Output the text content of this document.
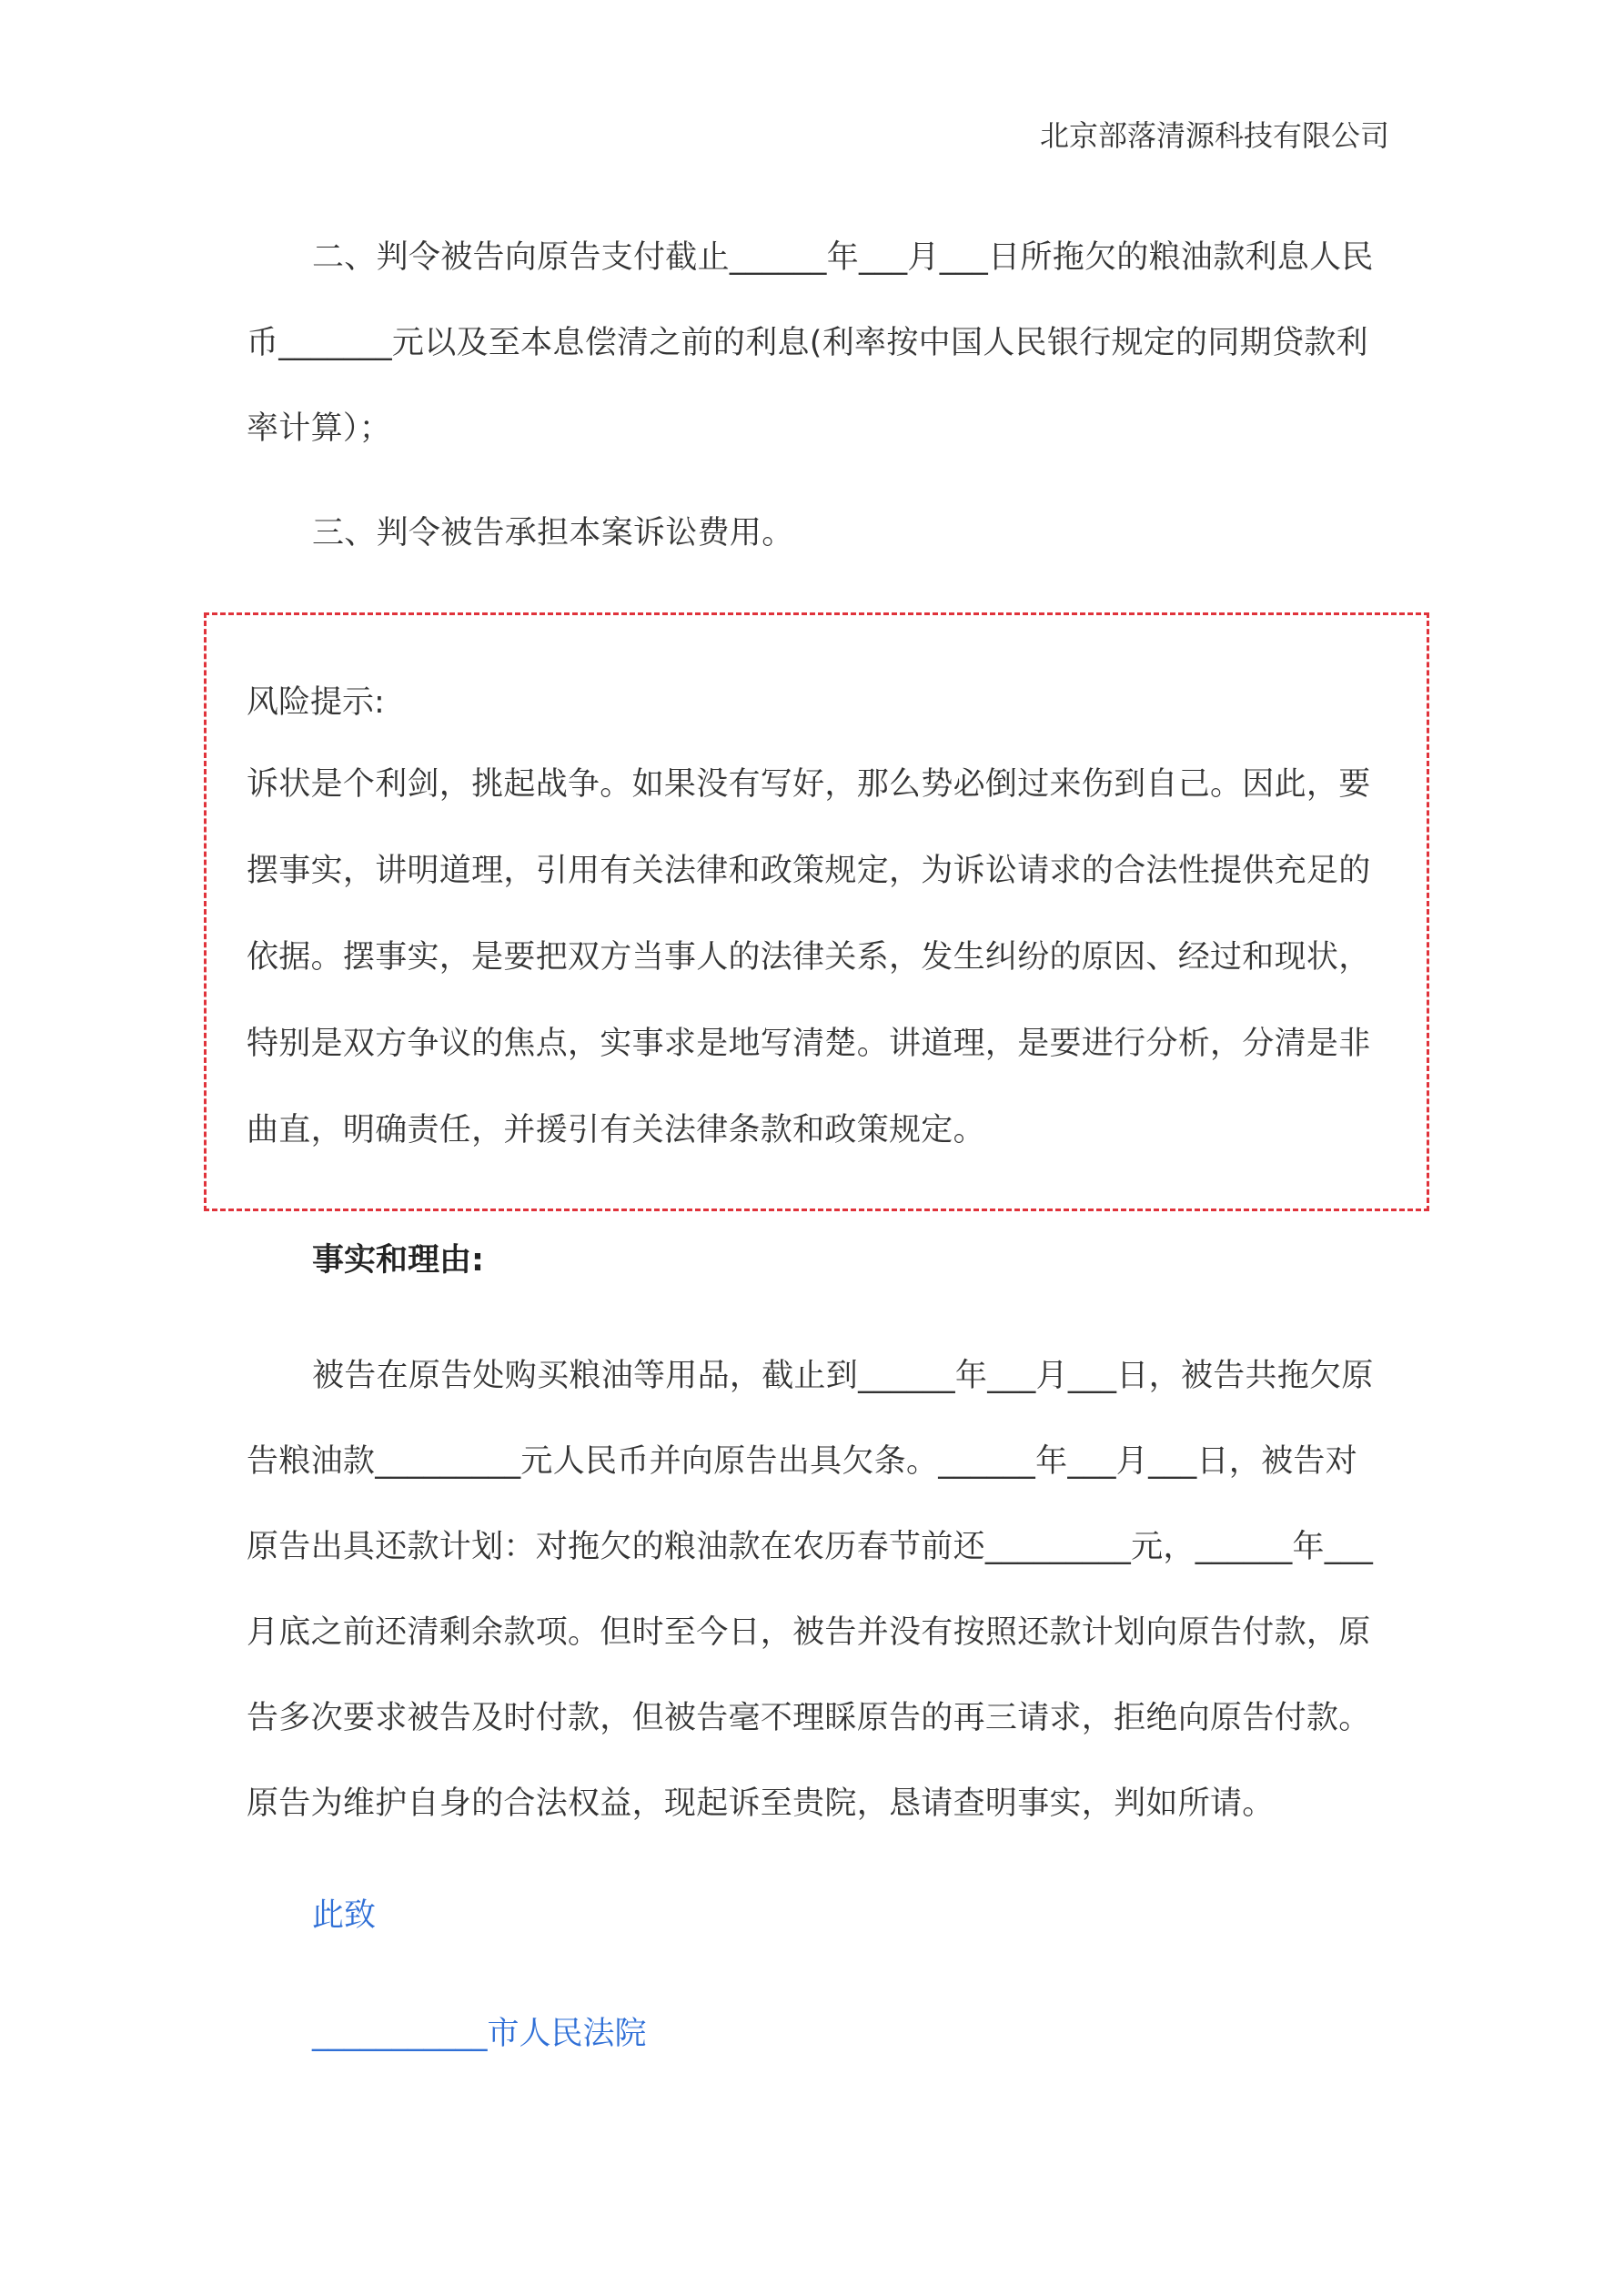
北京部落清源科技有限公司
二、判令被告向原告支付截止______年___月___日所拖欠的粮油款利息人民币_______元以及至本息偿清之前的利息(利率按中国人民银行规定的同期贷款利率计算）；
三、判令被告承担本案诉讼费用。
风险提示:
诉状是个利剑，挑起战争。如果没有写好，那么势必倒过来伤到自己。因此，要摆事实，讲明道理，引用有关法律和政策规定，为诉讼请求的合法性提供充足的依据。摆事实，是要把双方当事人的法律关系，发生纠纷的原因、经过和现状，特别是双方争议的焦点，实事求是地写清楚。讲道理，是要进行分析，分清是非曲直，明确责任，并援引有关法律条款和政策规定。
事实和理由:
被告在原告处购买粮油等用品，截止到______年___月___日，被告共拖欠原告粮油款_________元人民币并向原告出具欠条。______年___月___日，被告对原告出具还款计划：对拖欠的粮油款在农历春节前还_________元，______年___月底之前还清剩余款项。但时至今日，被告并没有按照还款计划向原告付款，原告多次要求被告及时付款，但被告毫不理睬原告的再三请求，拒绝向原告付款。原告为维护自身的合法权益，现起诉至贵院，恳请查明事实，判如所请。
此致
___________市人民法院
